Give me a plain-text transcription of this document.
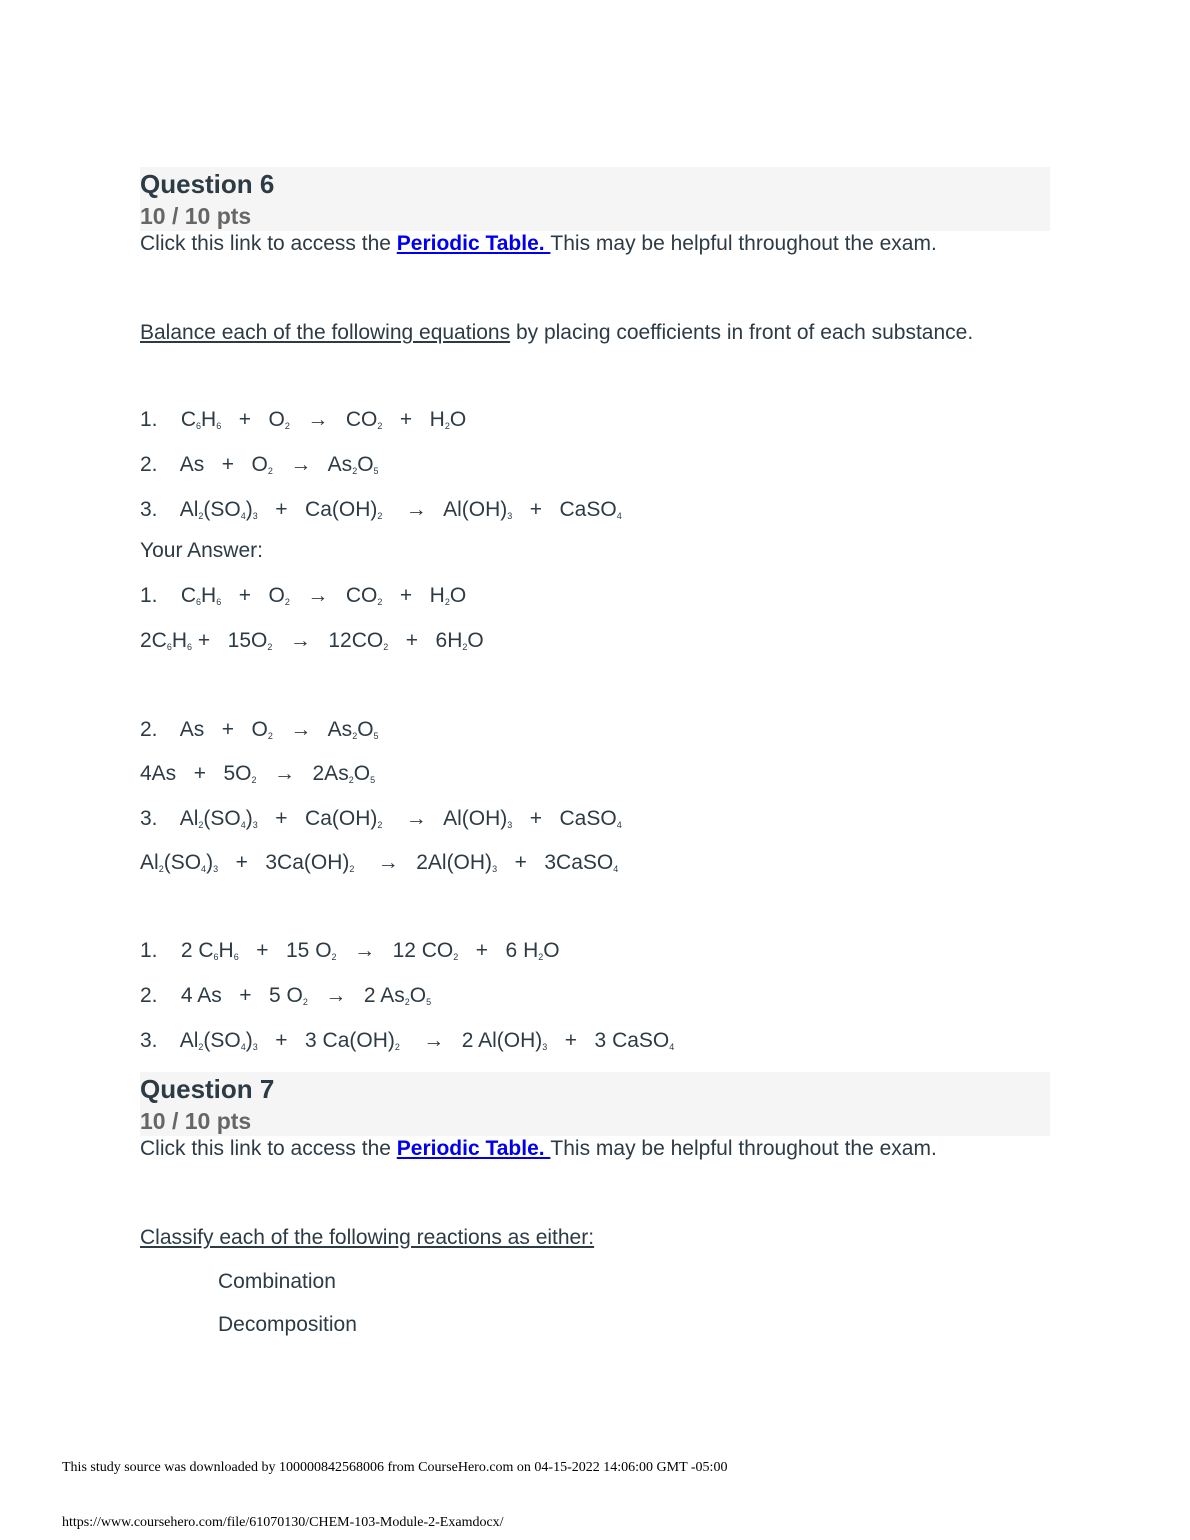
Question 6
10 / 10 pts
Click this link to access the Periodic Table. This may be helpful throughout the exam.
Balance each of the following equations by placing coefficients in front of each substance.
1.    $C_6H_6 + O_2 \to CO_2 + H_2O$
2.    $As + O_2 \to As_2O_5$
3.    $Al_2(SO_4)_3 + Ca(OH)_2$    →   $Al(OH)_3$   +   CaSO$_4$
Your Answer:
1.    $C_6H_6 + O_2 \to CO_2 + H_2O$
$2C_6H_6 + 15O_2 \to 12CO_2 + 6H_2O$
2.    $As + O_2 \to As_2O_5$
$4As + 5O_2 \to 2As_2O_5$
3.    $Al_2(SO_4)_3 + Ca(OH)_2$    →   $Al(OH)_3$   +   CaSO$_4$
$Al_2(SO_4)_3 + 3Ca(OH)_2$    →   $2Al(OH)_3$   +   3CaSO$_4$
1.    2 $C_6H_6 + 15$ $O_2 \to 12$ $CO_2 + 6$ $H_2O$
2.    4 As   +   5 $O_2 \to 2$ $As_2O_5$
3.    $Al_2(SO_4)_3 + 3$ $Ca(OH)_2$    →   2 $Al(OH)_3 + 3$ CaSO$_4$
Question 7
10 / 10 pts
Click this link to access the Periodic Table. This may be helpful throughout the exam.
Classify each of the following reactions as either:
Combination
Decomposition
This study source was downloaded by 100000842568006 from CourseHero.com on 04-15-2022 14:06:00 GMT -05:00
https://www.coursehero.com/file/61070130/CHEM-103-Module-2-Examdocx/
